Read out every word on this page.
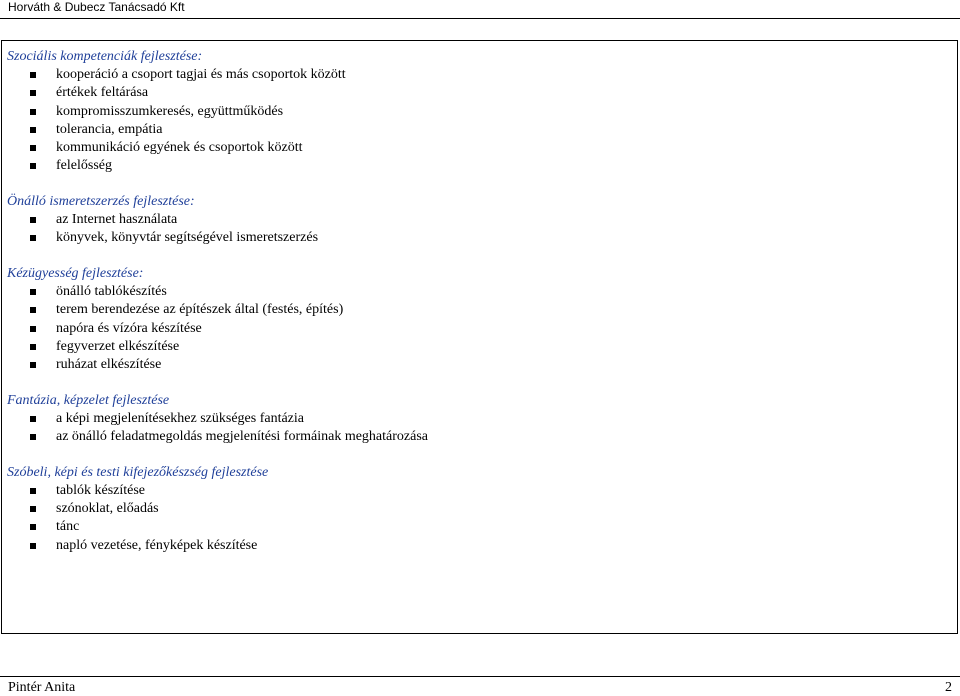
Horváth & Dubecz Tanácsadó Kft
Szociális kompetenciák fejlesztése:
kooperáció a csoport tagjai és más csoportok között
értékek feltárása
kompromisszumkeresés, együttműködés
tolerancia, empátia
kommunikáció egyének és csoportok között
felelősség
Önálló ismeretszerzés fejlesztése:
az Internet használata
könyvek, könyvtár segítségével ismeretszerzés
Kézügyesség fejlesztése:
önálló tablókészítés
terem berendezése az építészek által (festés, építés)
napóra és vízóra készítése
fegyverzet elkészítése
ruházat elkészítése
Fantázia, képzelet fejlesztése
a képi megjelenítésekhez szükséges fantázia
az önálló feladatmegoldás megjelenítési formáinak meghatározása
Szóbeli, képi és testi kifejezőkészség fejlesztése
tablók készítése
szónoklat, előadás
tánc
napló vezetése, fényképek készítése
Pintér Anita	2
